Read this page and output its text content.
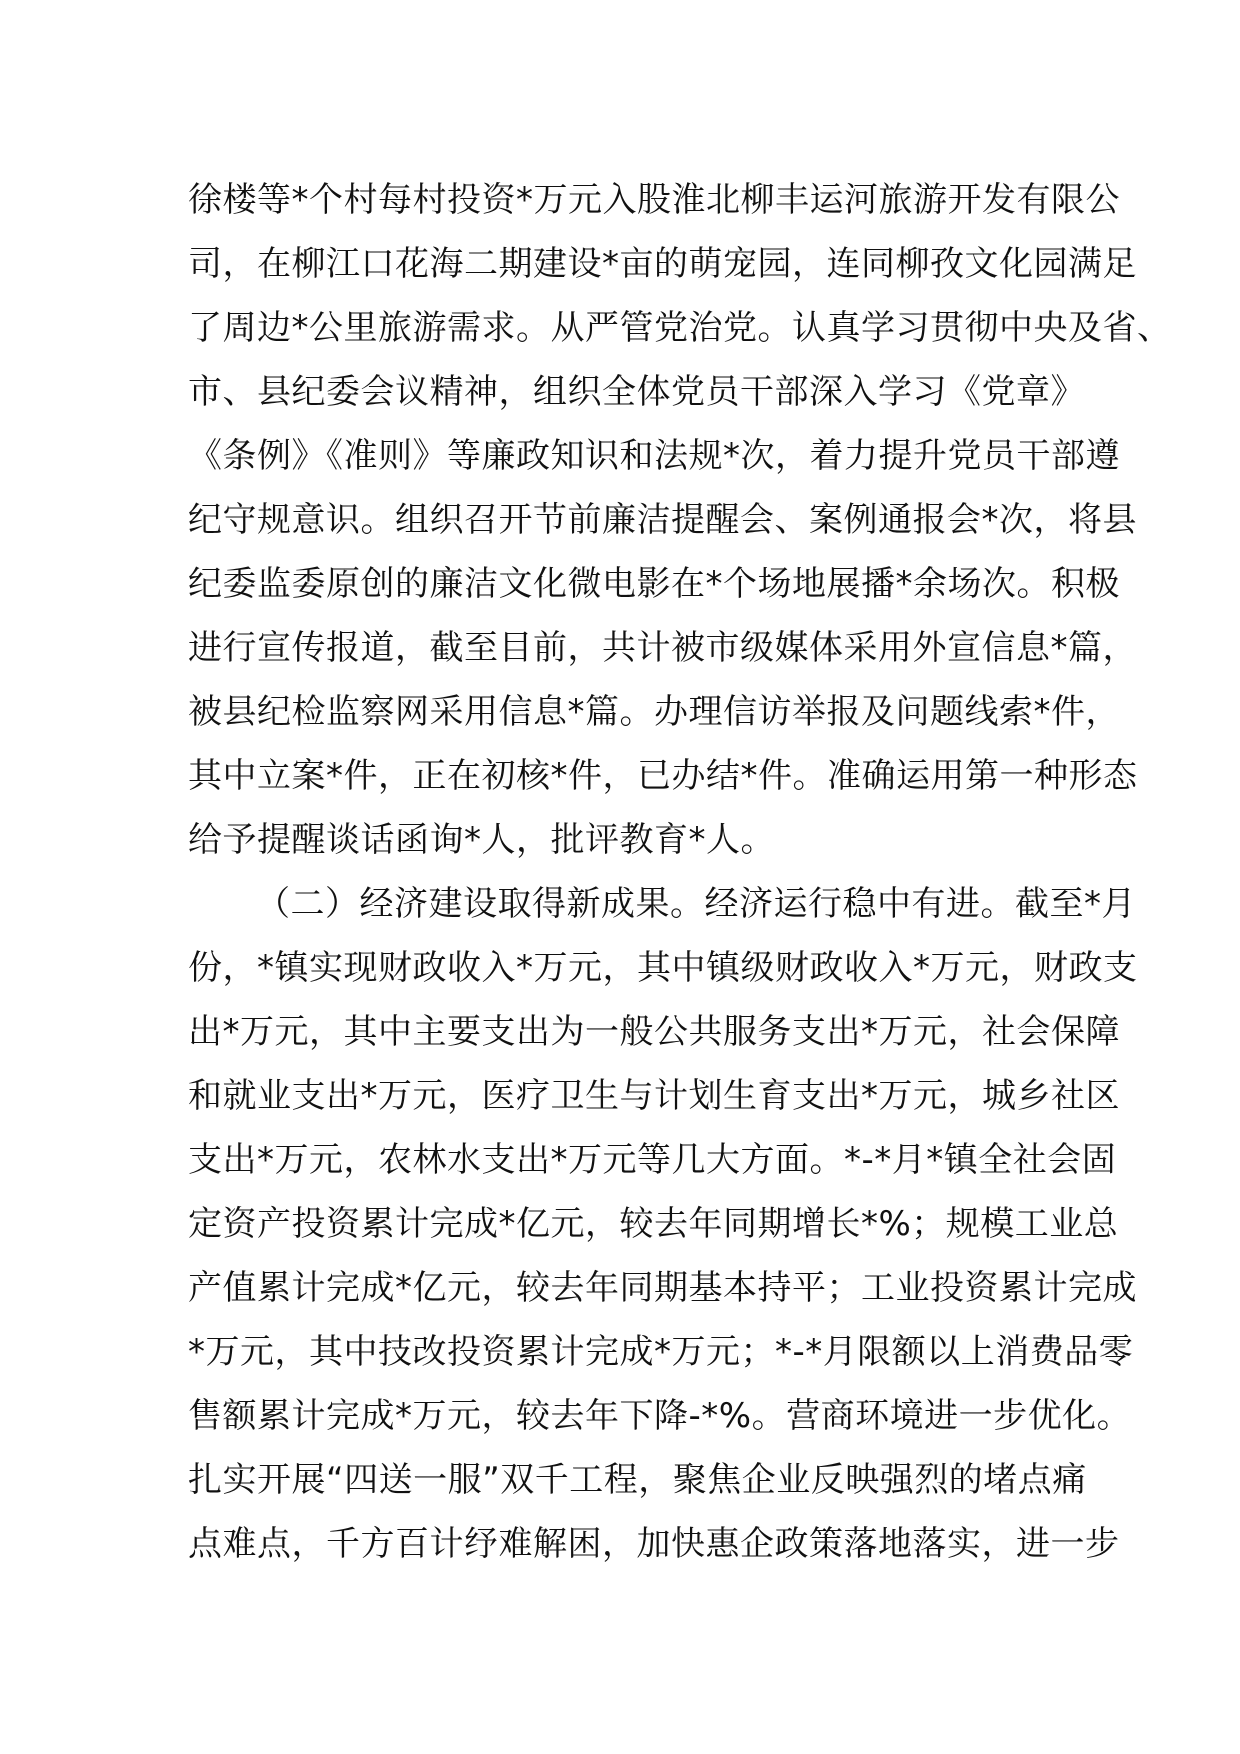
徐楼等*个村每村投资*万元入股淮北柳丰运河旅游开发有限公
司，在柳江口花海二期建设*亩的萌宠园，连同柳孜文化园满足
了周边*公里旅游需求。从严管党治党。认真学习贯彻中央及省、
市、县纪委会议精神，组织全体党员干部深入学习《党章》
《条例》《准则》等廉政知识和法规*次，着力提升党员干部遵
纪守规意识。组织召开节前廉洁提醒会、案例通报会*次，将县
纪委监委原创的廉洁文化微电影在*个场地展播*余场次。积极
进行宣传报道，截至目前，共计被市级媒体采用外宣信息*篇，
被县纪检监察网采用信息*篇。办理信访举报及问题线索*件，
其中立案*件，正在初核*件，已办结*件。准确运用第一种形态
给予提醒谈话函询*人，批评教育*人。
（二）经济建设取得新成果。经济运行稳中有进。截至*月
份，*镇实现财政收入*万元，其中镇级财政收入*万元，财政支
出*万元，其中主要支出为一般公共服务支出*万元，社会保障
和就业支出*万元，医疗卫生与计划生育支出*万元，城乡社区
支出*万元，农林水支出*万元等几大方面。*-*月*镇全社会固
定资产投资累计完成*亿元，较去年同期增长*%；规模工业总
产值累计完成*亿元，较去年同期基本持平；工业投资累计完成
*万元，其中技改投资累计完成*万元；*-*月限额以上消费品零
售额累计完成*万元，较去年下降-*%。营商环境进一步优化。
扎实开展“四送一服”双千工程，聚焦企业反映强烈的堵点痛
点难点，千方百计纾难解困，加快惠企政策落地落实，进一步
